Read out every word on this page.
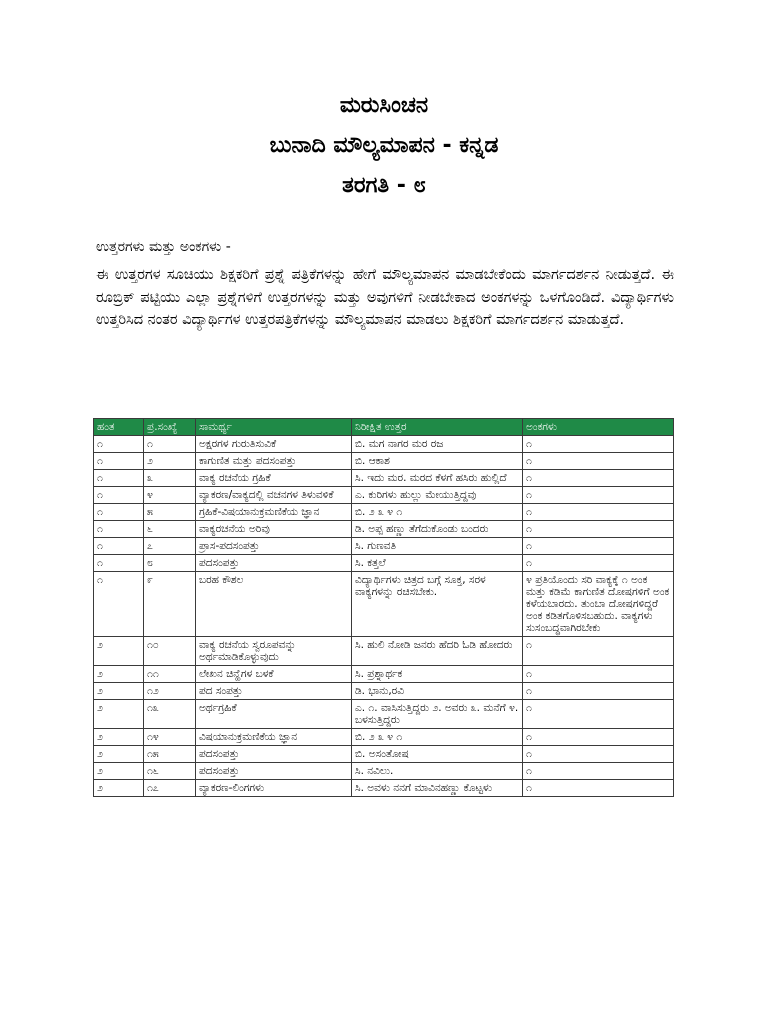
ಮರುಸಿಂಚನ
ಬುನಾದಿ ಮೌಲ್ಯಮಾಪನ - ಕನ್ನಡ
ತರಗತಿ - ೮
ಉತ್ತರಗಳು ಮತ್ತು ಅಂಕಗಳು -

ಈ ಉತ್ತರಗಳ ಸೂಚಿಯು ಶಿಕ್ಷಕರಿಗೆ ಪ್ರಶ್ನೆ ಪತ್ರಿಕೆಗಳನ್ನು ಹೇಗೆ ಮೌಲ್ಯಮಾಪನ ಮಾಡಬೇಕೆಂದು ಮಾರ್ಗದರ್ಶನ ನೀಡುತ್ತದೆ. ಈ ರೂಬ್ರಿಕ್ ಪಟ್ಟಿಯು ಎಲ್ಲಾ ಪ್ರಶ್ನೆಗಳಿಗೆ ಉತ್ತರಗಳನ್ನು ಮತ್ತು ಅವುಗಳಿಗೆ ನೀಡಬೇಕಾದ ಅಂಕಗಳನ್ನು ಒಳಗೊಂಡಿದೆ. ವಿದ್ಯಾರ್ಥಿಗಳು ಉತ್ತರಿಸಿದ ನಂತರ ವಿದ್ಯಾರ್ಥಿಗಳ ಉತ್ತರಪತ್ರಿಕೆಗಳನ್ನು ಮೌಲ್ಯಮಾಪನ ಮಾಡಲು ಶಿಕ್ಷಕರಿಗೆ ಮಾರ್ಗದರ್ಶನ ಮಾಡುತ್ತದೆ.

ಹಂತ	ಪ್ರ.ಸಂಖ್ಯೆ	ಸಾಮರ್ಥ್ಯ	ನಿರೀಕ್ಷಿತ ಉತ್ತರ	ಅಂಕಗಳು
೧	೧	ಅಕ್ಷರಗಳ ಗುರುತಿಸುವಿಕೆ	ಬಿ. ಮಗ ನಾಗರ ಮರ ರಜ	೧
೧	೨	ಕಾಗುಣಿತ ಮತ್ತು ಪದಸಂಪತ್ತು	ಬಿ. ಆಕಾಶ	೧
೧	೩	ವಾಕ್ಯ ರಚನೆಯ ಗ್ರಹಿಕೆ	ಸಿ. ಇದು ಮರ. ಮರದ ಕೆಳಗೆ ಹಸಿರು ಹುಲ್ಲಿದೆ	೧
೧	೪	ವ್ಯಾಕರಣ/ವಾಕ್ಯದಲ್ಲಿ ವಚನಗಳ ತಿಳುವಳಿಕೆ	ಎ. ಕುರಿಗಳು ಹುಲ್ಲು ಮೇಯುತ್ತಿದ್ದವು	೧
೧	೫	ಗ್ರಹಿಕೆ-ವಿಷಯಾನುಕ್ರಮಣಿಕೆಯ ಜ್ಞಾನ	ಬಿ. ೨ ೩ ೪ ೧	೧
೧	೬	ವಾಕ್ಯರಚನೆಯ ಅರಿವು	ಡಿ. ಅಪ್ಪ ಹಣ್ಣು ತೆಗೆದುಕೊಂಡು ಬಂದರು	೧
೧	೭	ಪ್ರಾಸ-ಪದಸಂಪತ್ತು	ಸಿ. ಗುಣವತಿ	೧
೧	೮	ಪದಸಂಪತ್ತು	ಸಿ. ಕತ್ತಲೆ	೧
೧	೯	ಬರಹ ಕೌಶಲ	ವಿದ್ಯಾರ್ಥಿಗಳು ಚಿತ್ರದ ಬಗ್ಗೆ ಸೂಕ್ತ, ಸರಳ ವಾಕ್ಯಗಳನ್ನು ರಚಿಸಬೇಕು.	೪ ಪ್ರತಿಯೊಂದು ಸರಿ ವಾಕ್ಯಕ್ಕೆ ೧ ಅಂಕ ಮತ್ತು ಕಡಿಮೆ ಕಾಗುಣಿತ ದೋಷಗಳಿಗೆ ಅಂಕ ಕಳೆಯಬಾರದು. ತುಂಬಾ ದೋಷಗಳಿದ್ದರೆ ಅಂಕ ಕಡಿತಗೊಳಿಸಬಹುದು. ವಾಕ್ಯಗಳು ಸುಸಂಬದ್ಧವಾಗಿರಬೇಕು
೨	೧೦	ವಾಕ್ಯ ರಚನೆಯ ಸ್ವರೂಪವನ್ನು ಅರ್ಥಮಾಡಿಕೊಳ್ಳುವುದು	ಸಿ. ಹುಲಿ ನೋಡಿ ಜನರು ಹೆದರಿ ಓಡಿ ಹೋದರು	೧
೨	೧೧	ಲೇಖನ ಚಿನ್ಹೆಗಳ ಬಳಕೆ	ಸಿ. ಪ್ರಶ್ನಾರ್ಥಕ	೧
೨	೧೨	ಪದ ಸಂಪತ್ತು	ಡಿ. ಭಾನು,ರವಿ	೧
೨	೧೩	ಅರ್ಥಗ್ರಹಿಕೆ	ಎ. ೧. ವಾಸಿಸುತ್ತಿದ್ದರು ೨. ಅವರು ೩. ಮನೆಗೆ ೪. ಬಳಸುತ್ತಿದ್ದರು	೧
೨	೧೪	ವಿಷಯಾನುಕ್ರಮಣಿಕೆಯ ಜ್ಞಾನ	ಬಿ. ೨ ೩ ೪ ೧	೧
೨	೧೫	ಪದಸಂಪತ್ತು	ಬಿ. ಅಸಂತೋಷ	೧
೨	೧೬	ಪದಸಂಪತ್ತು	ಸಿ. ನವಿಲು.	೧
೨	೧೭	ವ್ಯಾಕರಣ-ಲಿಂಗಗಳು	ಸಿ. ಅವಳು ನನಗೆ ಮಾವಿನಹಣ್ಣು ಕೊಟ್ಟಳು	೧
